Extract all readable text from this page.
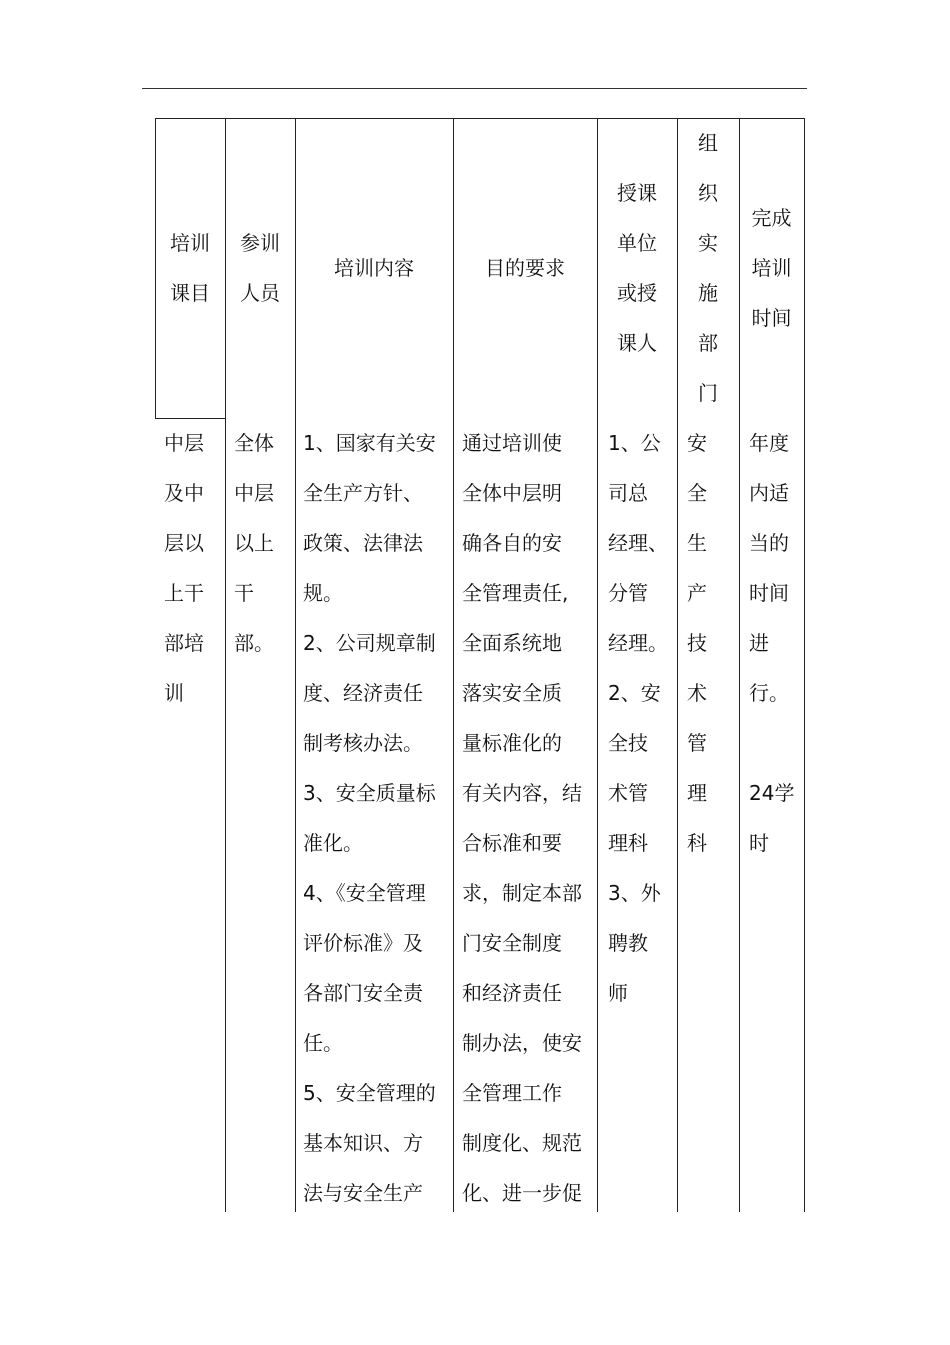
培训
课目
参训
人员
培训内容	目的要求
授课
单位
或授
课人
组
织
实
施
部
门
完成
培训
时间
中层
及中
层以
上干
部培
训
全体
中层
以上
干
部。
1、国家有关安
全生产方针、
政策、法律法
规。
2、公司规章制
度、经济责任
制考核办法。
3、安全质量标
准化。
4、《安全管理
评价标准》及
各部门安全责
任。
5、安全管理的
基本知识、方
法与安全生产
通过培训使
全体中层明
确各自的安
全管理责任,
全面系统地
落实安全质
量标准化的
有关内容，结
合标准和要
求，制定本部
门安全制度
和经济责任
制办法，使安
全管理工作
制度化、规范
化、进一步促
1、公
司总
经理、
分管
经理。
2、安
全技
术管
理科
3、外
聘教
师
安
全
生
产
技
术
管
理
科
年度
内适
当的
时间
进
行。

24学
时
